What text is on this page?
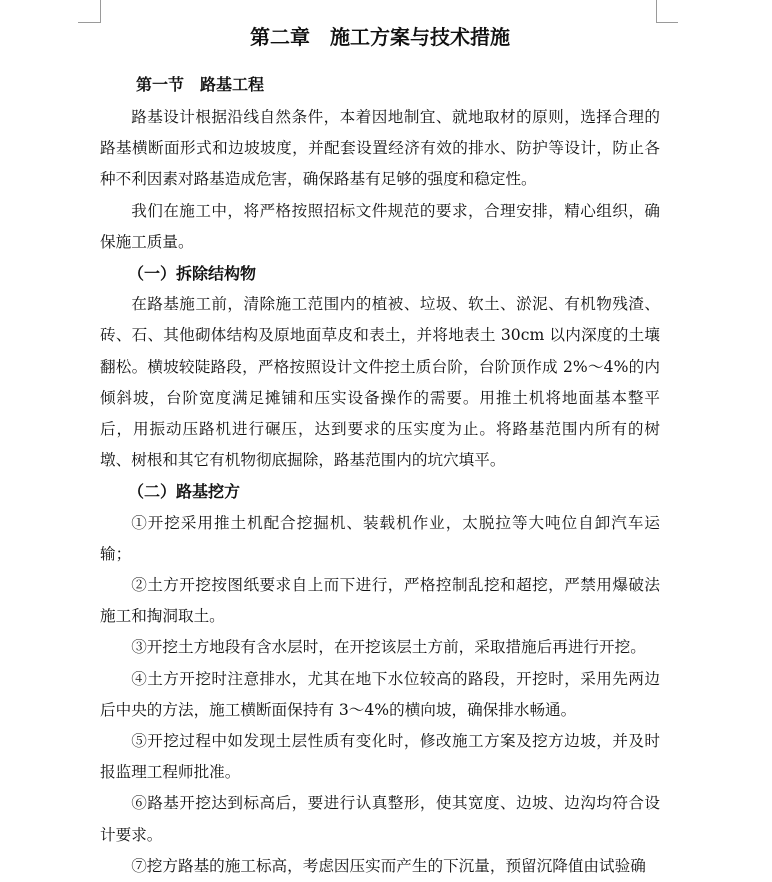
第二章　施工方案与技术措施
第一节　路基工程

路基设计根据沿线自然条件，本着因地制宜、就地取材的原则，选择合理的路基横断面形式和边坡坡度，并配套设置经济有效的排水、防护等设计，防止各种不利因素对路基造成危害，确保路基有足够的强度和稳定性。

我们在施工中，将严格按照招标文件规范的要求，合理安排，精心组织，确保施工质量。

（一）拆除结构物

在路基施工前，清除施工范围内的植被、垃圾、软土、淤泥、有机物残渣、砖、石、其他砌体结构及原地面草皮和表土，并将地表土 30cm 以内深度的土壤翻松。横坡较陡路段，严格按照设计文件挖土质台阶，台阶顶作成 2%～4%的内倾斜坡，台阶宽度满足摊铺和压实设备操作的需要。用推土机将地面基本整平后，用振动压路机进行碾压，达到要求的压实度为止。将路基范围内所有的树墩、树根和其它有机物彻底掘除，路基范围内的坑穴填平。

（二）路基挖方

①开挖采用推土机配合挖掘机、装载机作业，太脱拉等大吨位自卸汽车运输；

②土方开挖按图纸要求自上而下进行，严格控制乱挖和超挖，严禁用爆破法施工和掏洞取土。

③开挖土方地段有含水层时，在开挖该层土方前，采取措施后再进行开挖。

④土方开挖时注意排水，尤其在地下水位较高的路段，开挖时，采用先两边后中央的方法，施工横断面保持有 3～4%的横向坡，确保排水畅通。

⑤开挖过程中如发现土层性质有变化时，修改施工方案及挖方边坡，并及时报监理工程师批准。

⑥路基开挖达到标高后，要进行认真整形，使其宽度、边坡、边沟均符合设计要求。

⑦挖方路基的施工标高，考虑因压实而产生的下沉量，预留沉降值由试验确
